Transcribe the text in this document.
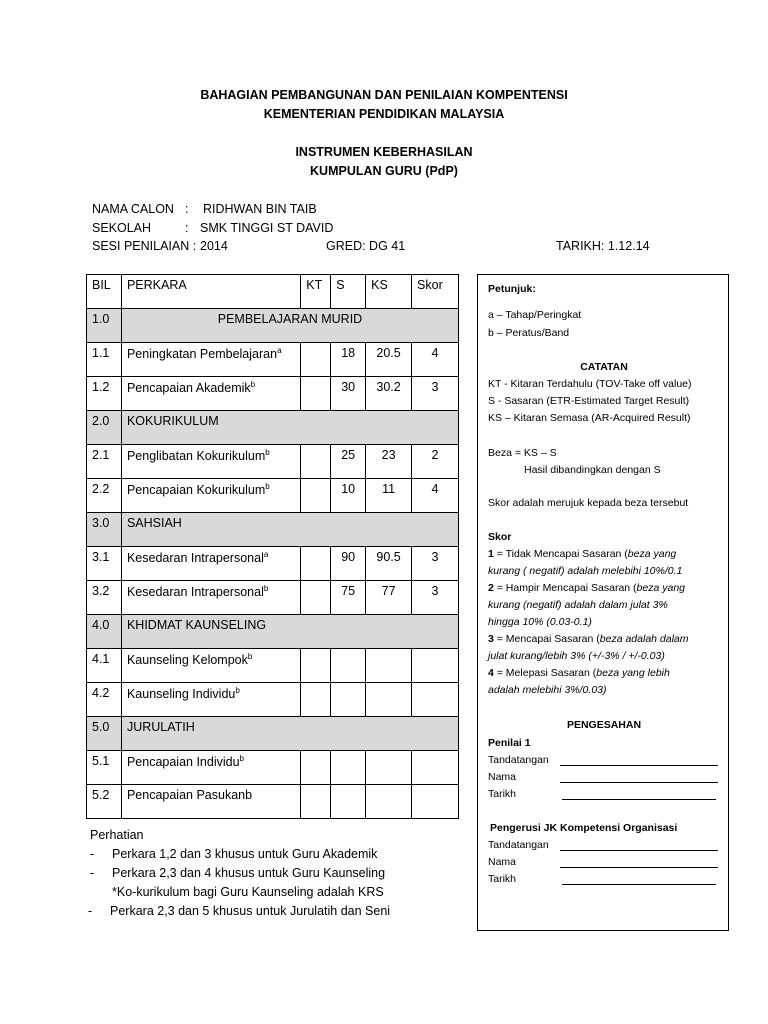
BAHAGIAN PEMBANGUNAN DAN PENILAIAN KOMPENTENSI
KEMENTERIAN PENDIDIKAN MALAYSIA
INSTRUMEN KEBERHASILAN
KUMPULAN GURU (PdP)
NAMA CALON : RIDHWAN BIN TAIB
SEKOLAH	: SMK TINGGI ST DAVID
SESI PENILAIAN : 2014	GRED: DG 41	TARIKH: 1.12.14
BIL	PERKARA	KT	S	KS	Skor
1.0	PEMBELAJARAN MURID				
1.1	Peningkatan Pembelajaran$^a$		18	20.5	4
1.2	Pencapaian Akademik$^b$		30	30.2	3
2.0	KOKURIKULUM				
2.1	Penglibatan Kokurikulum$^b$		25	23	2
2.2	Pencapaian Kokurikulum$^b$		10	11	4
3.0	SAHSIAH				
3.1	Kesedaran Intrapersonal$^a$		90	90.5	3
3.2	Kesedaran Intrapersonal$^b$		75	77	3
4.0	KHIDMAT KAUNSELING				
4.1	Kaunseling Kelompok$^b$				
4.2	Kaunseling Individu$^b$				
5.0	JURULATIH				
5.1	Pencapaian Individu$^b$				
5.2	Pencapaian Pasukanb				
Perhatian
- Perkara 1,2 dan 3 khusus untuk Guru Akademik
- Perkara 2,3 dan 4 khusus untuk Guru Kaunseling
*Ko-kurikulum bagi Guru Kaunseling adalah KRS
- Perkara 2,3 dan 5 khusus untuk Jurulatih dan Seni
Petunjuk:
a – Tahap/Peringkat
b – Peratus/Band
CATATAN
KT - Kitaran Terdahulu (TOV-Take off value)
S - Sasaran (ETR-Estimated Target Result)
KS – Kitaran Semasa (AR-Acquired Result)
Beza = KS – S
Hasil dibandingkan dengan S
Skor adalah merujuk kepada beza tersebut
Skor
1 = Tidak Mencapai Sasaran (beza yang
kurang ( negatif) adalah melebihi 10%/0.1
2 = Hampir Mencapai Sasaran (beza yang
kurang (negatif) adalah dalam julat 3%
hingga 10% (0.03-0.1)
3 = Mencapai Sasaran (beza adalah dalam
julat kurang/lebih 3% (+/-3% / +/-0.03)
4 = Melepasi Sasaran (beza yang lebih
adalah melebihi 3%/0.03)
PENGESAHAN
Penilai 1
Tandatangan
Nama
Tarikh
Pengerusi JK Kompetensi Organisasi
Tandatangan
Nama
Tarikh
